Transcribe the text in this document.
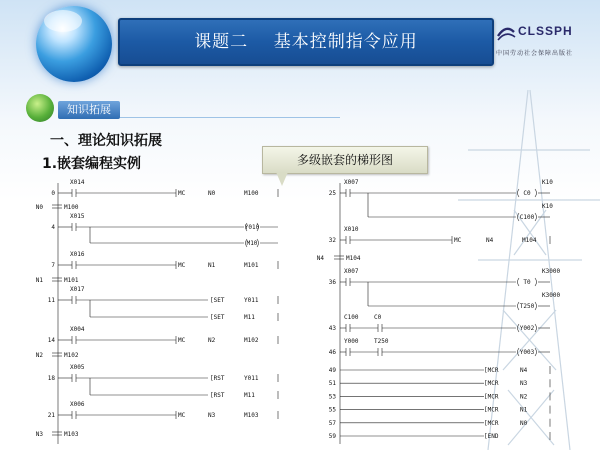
课题二    基本控制指令应用
CLSSPH
中国劳动社会保障出版社
知识拓展
一、理论知识拓展
1.嵌套编程实例	多级嵌套的梯形图
0
X014
MC	N0	M100
N0	M100
4
X015
Y010
M10
7
X016
MC	N1	M101
N1	M101
11
X017
[SET	Y011
[SET	M11
14
X004
MC	N2	M102
N2	M102
18
X005
[RST	Y011
[RST	M11
21
X006
MC	N3	M103
N3	M103
25
X007	K10
C0
K10
C100
32
X010
MC	N4	M104
N4	M104
36
X007	K3000
T0
K3000
T250
43
C100	C0
Y002
46
Y000	T250
Y003
49	[MCR	N4
51	[MCR	N3
53	[MCR	N2
55	[MCR	N1
57	[MCR	N0
59	[END
